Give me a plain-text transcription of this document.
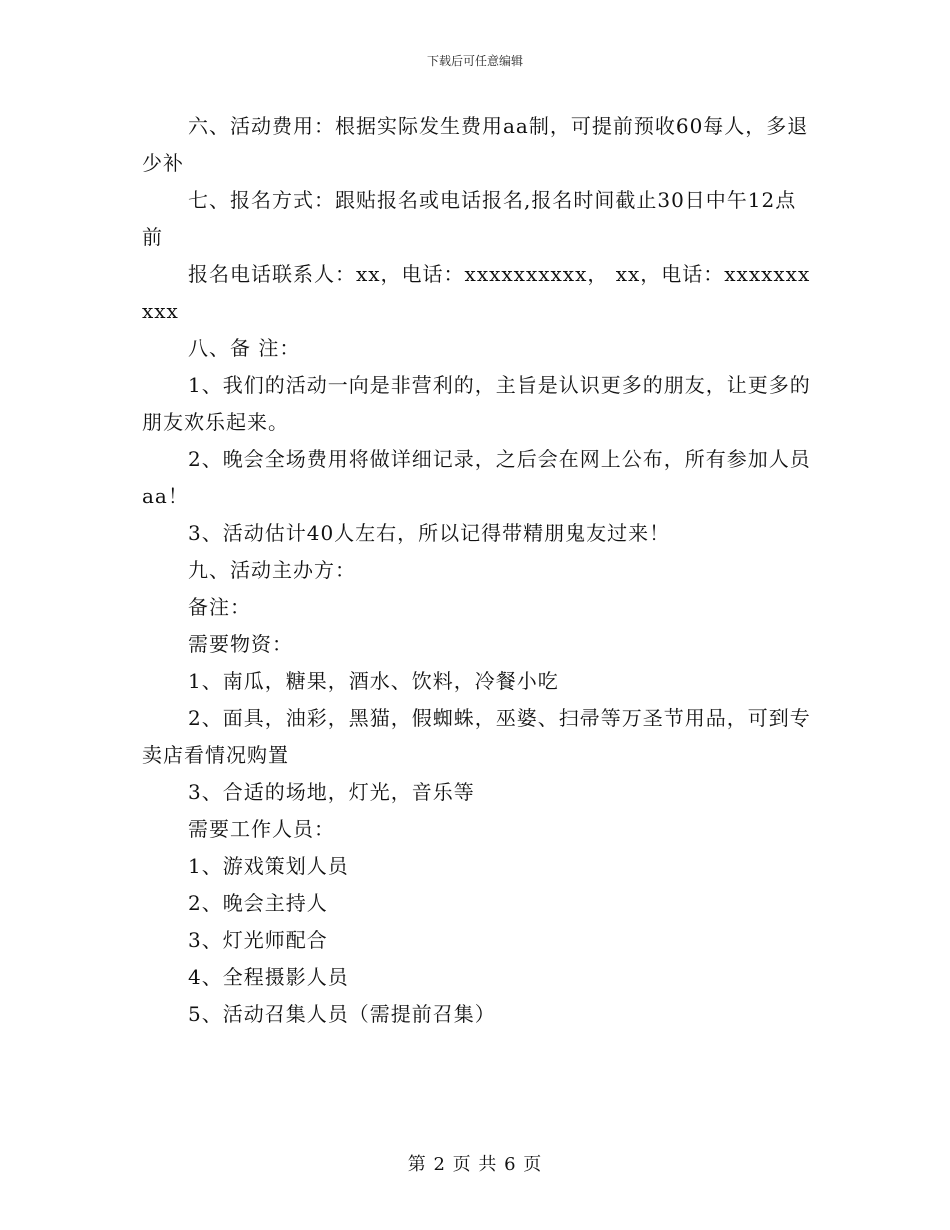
下载后可任意编辑

六、活动费用：根据实际发生费用aa制，可提前预收60每人，多退少补

七、报名方式：跟贴报名或电话报名,报名时间截止30日中午12点前

报名电话联系人：xx，电话：xxxxxxxxxx， xx，电话：xxxxxxxxxx

八、备 注：

1、我们的活动一向是非营利的，主旨是认识更多的朋友，让更多的朋友欢乐起来。

2、晚会全场费用将做详细记录，之后会在网上公布，所有参加人员aa！

3、活动估计40人左右，所以记得带精朋鬼友过来！

九、活动主办方：

备注：

需要物资：

1、南瓜，糖果，酒水、饮料，冷餐小吃

2、面具，油彩，黑猫，假蜘蛛，巫婆、扫帚等万圣节用品，可到专卖店看情况购置

3、合适的场地，灯光，音乐等

需要工作人员：

1、游戏策划人员

2、晚会主持人

3、灯光师配合

4、全程摄影人员

5、活动召集人员（需提前召集）

第 2 页 共 6 页
